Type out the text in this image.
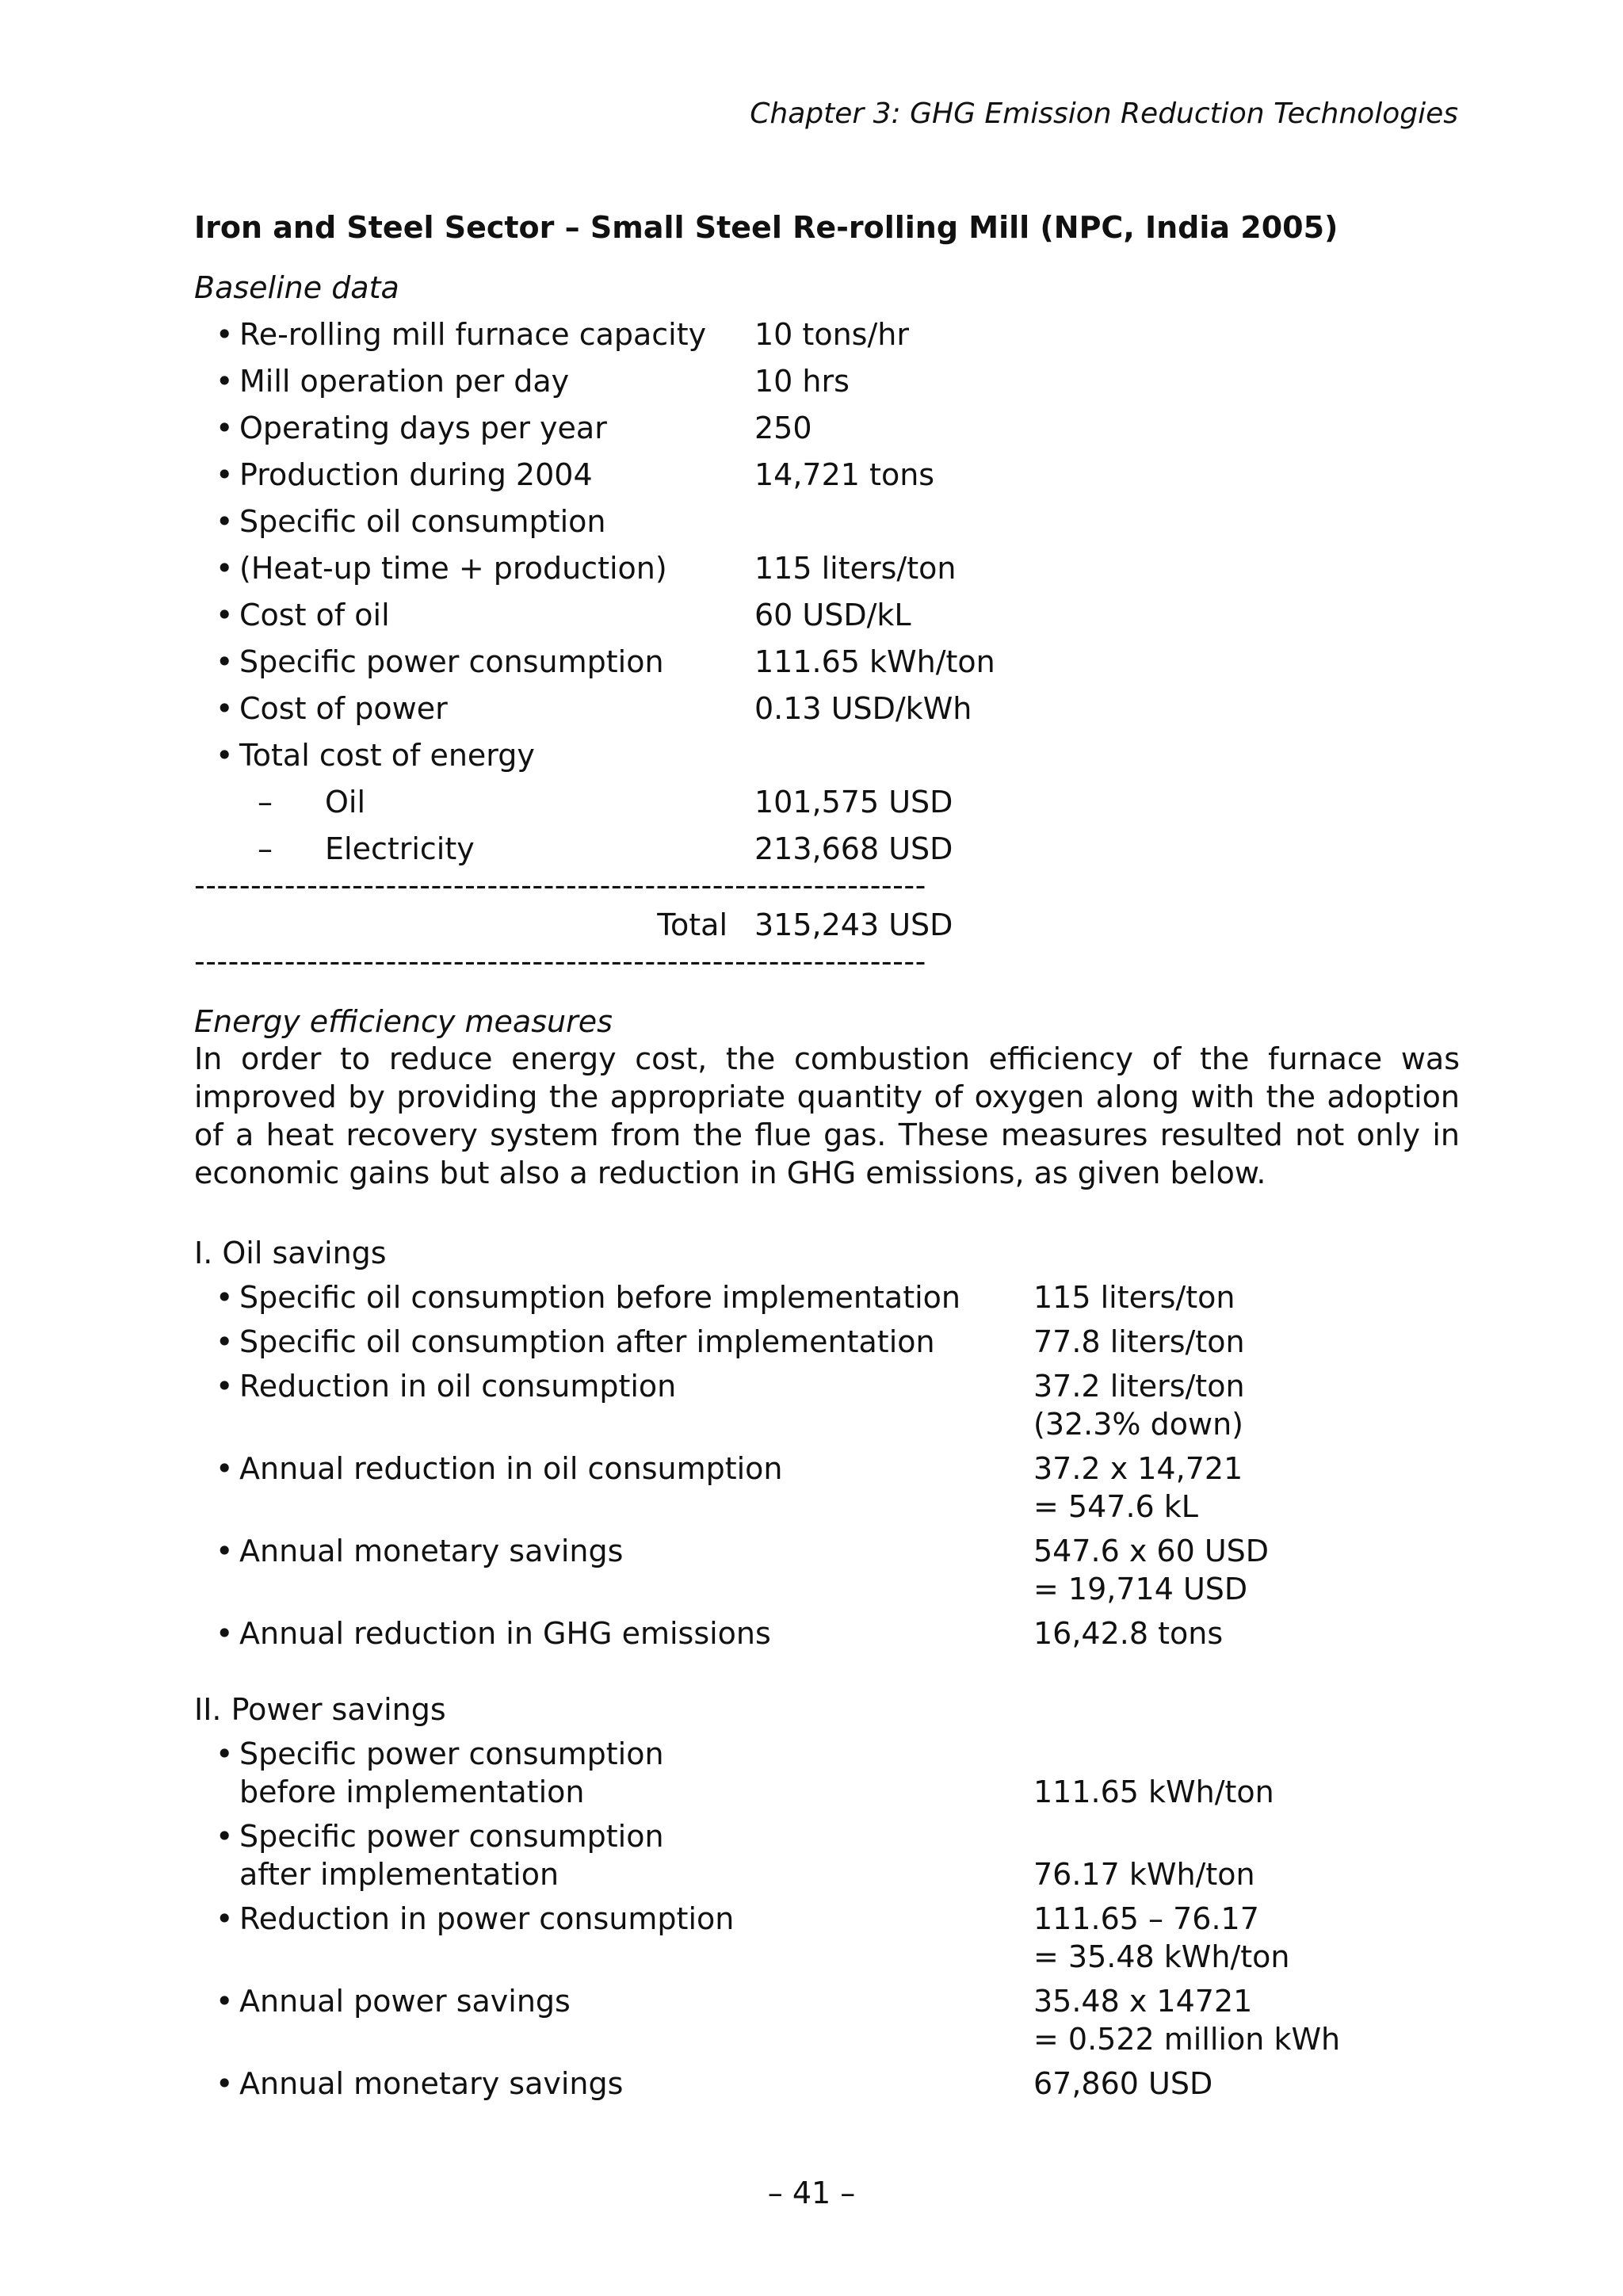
Chapter 3: GHG Emission Reduction Technologies
Iron and Steel Sector – Small Steel Re-rolling Mill (NPC, India 2005)
Baseline data
• Re-rolling mill furnace capacity 10 tons/hr
• Mill operation per day	10 hrs
• Operating days per year	250
• Production during 2004	14,721 tons
• Specific oil consumption
• (Heat-up time + production)	115 liters/ton
• Cost of oil	60 USD/kL
• Specific power consumption	111.65 kWh/ton
• Cost of power	0.13 USD/kWh
• Total cost of energy
– Oil	101,575 USD
– Electricity	213,668 USD
-----------------------------------------------------------------
Total 315,243 USD
-----------------------------------------------------------------
Energy efficiency measures
In order to reduce energy cost, the combustion efficiency of the furnace was improved by providing the appropriate quantity of oxygen along with the adoption of a heat recovery system from the flue gas. These measures resulted not only in economic gains but also a reduction in GHG emissions, as given below.
I. Oil savings
• Specific oil consumption before implementation 115 liters/ton
• Specific oil consumption after implementation	77.8 liters/ton
• Reduction in oil consumption	37.2 liters/ton
(32.3% down)
• Annual reduction in oil consumption	37.2 x 14,721
= 547.6 kL
• Annual monetary savings	547.6 x 60 USD
= 19,714 USD
• Annual reduction in GHG emissions	16,42.8 tons
II. Power savings
• Specific power consumption
before implementation	111.65 kWh/ton
• Specific power consumption
after implementation	76.17 kWh/ton
• Reduction in power consumption	111.65 – 76.17
= 35.48 kWh/ton
• Annual power savings	35.48 x 14721
= 0.522 million kWh
• Annual monetary savings	67,860 USD
– 41 –
